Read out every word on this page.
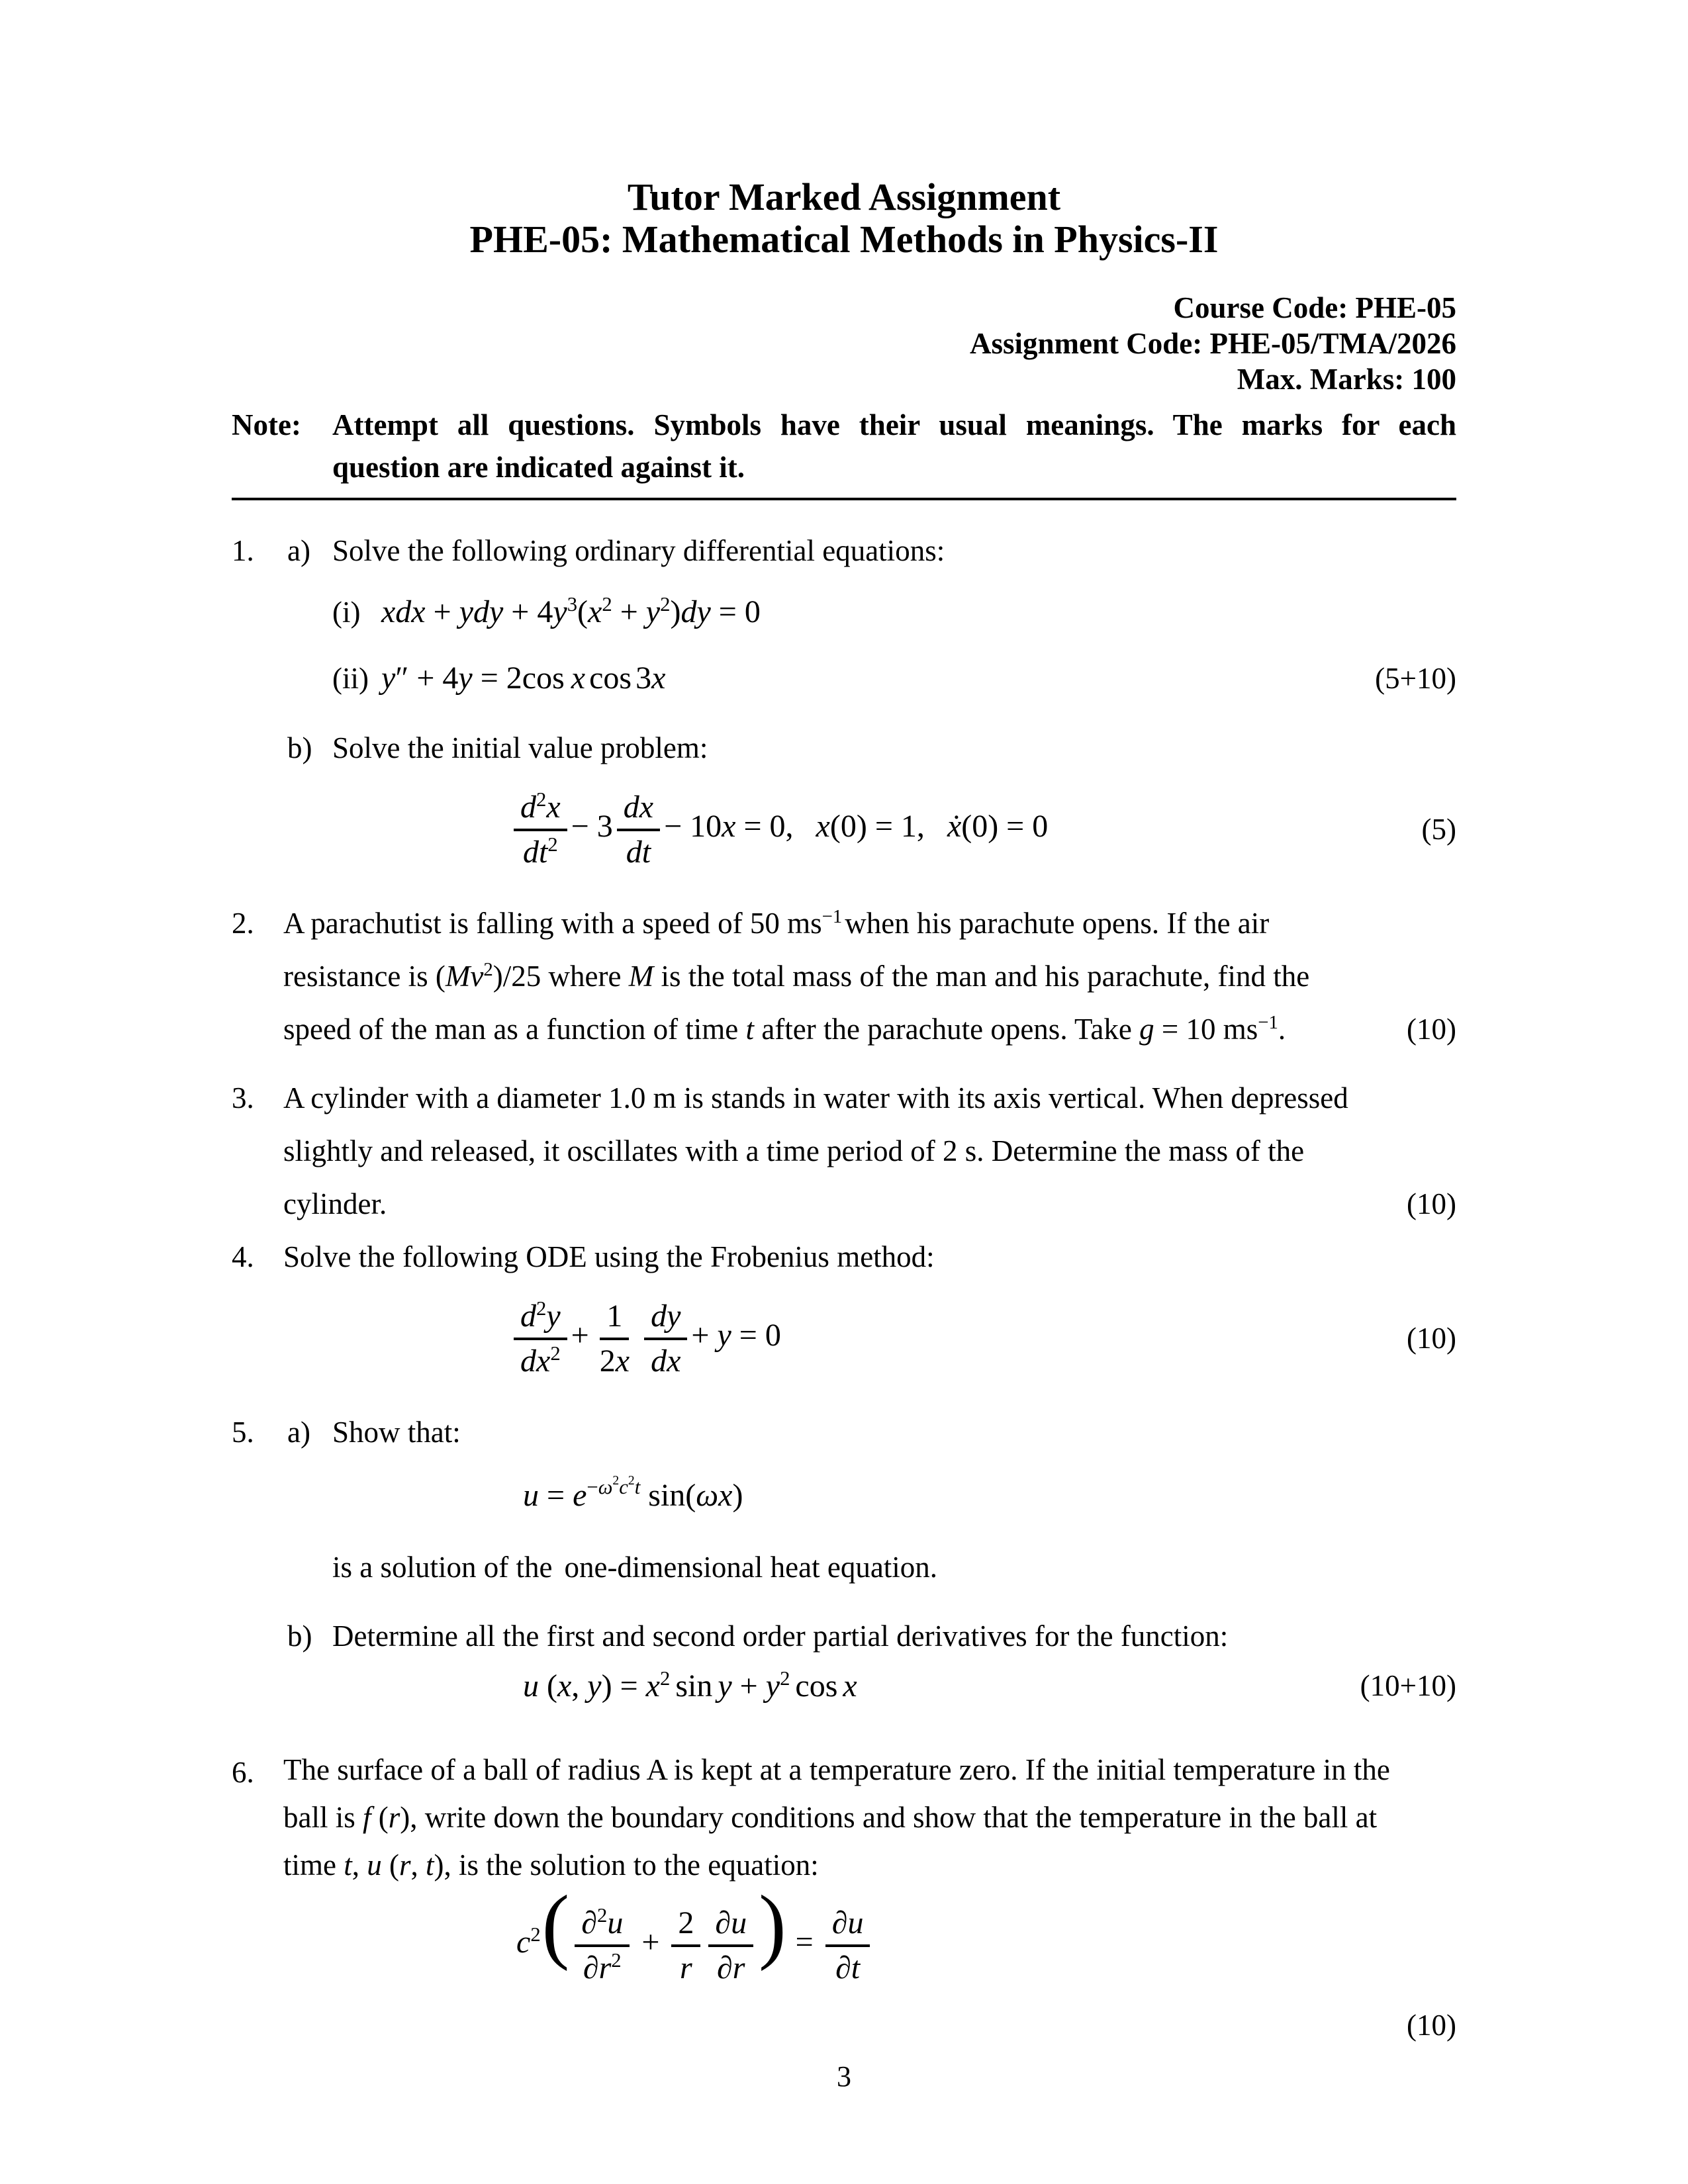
Tutor Marked Assignment
PHE-05: Mathematical Methods in Physics-II
Course Code: PHE-05
Assignment Code: PHE-05/TMA/2026
Max. Marks: 100
Note: Attempt all questions. Symbols have their usual meanings. The marks for each
question are indicated against it.
1. a) Solve the following ordinary differential equations:
(i) xdx + ydy + 4y3(x2 + y2)dy = 0
(ii) y″ + 4y = 2cos x cos 3x	(5+10)
b) Solve the initial value problem:
$\frac{d2x}{dt2} - 3 \frac{dx}{dt} - 10x = 0$, x(0) = 1, ẋ(0) = 0	(5)
2. A parachutist is falling with a speed of 50 ms−1when his parachute opens. If the air
resistance is (Mv2)/25 where M is the total mass of the man and his parachute, find the
speed of the man as a function of time t after the parachute opens. Take g = 10 ms−1.	(10)
3. A cylinder with a diameter 1.0 m is stands in water with its axis vertical. When depressed
slightly and released, it oscillates with a time period of 2 s. Determine the mass of the
cylinder.	(10)
4. Solve the following ODE using the Frobenius method:
$\frac{d2y}{dx2} + \frac{1}{2x} \frac{dy}{dx} + y = 0$	(10)
5. a) Show that:
u = e−ω2c2t sin(ωx)
is a solution of the one-dimensional heat equation.
b) Determine all the first and second order partial derivatives for the function:
u (x, y) = x2 sin y + y2 cos x	(10+10)
6. The surface of a ball of radius A is kept at a temperature zero. If the initial temperature in the
ball is f (r), write down the boundary conditions and show that the temperature in the ball at
time t, u (r, t), is the solution to the equation:
$c2( \frac{\partial 2u}{\partial r2} + \frac{2}{r} \frac{\partial u}{\partial r}$ ) = $\frac{\partial u}{\partial t}$
(10)
3
